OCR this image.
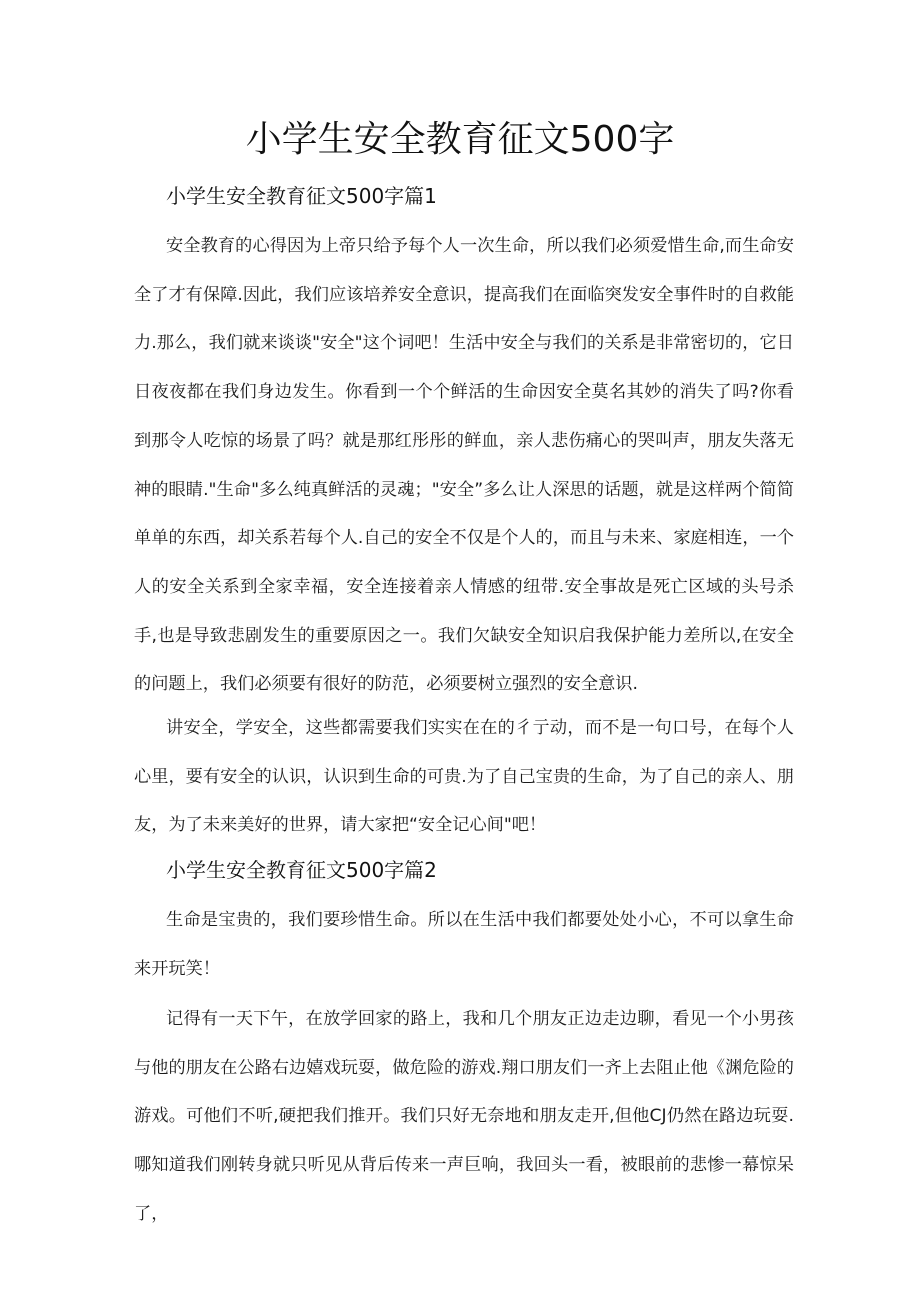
小学生安全教育征文500字
小学生安全教育征文500字篇1

安全教育的心得因为上帝只给予每个人一次生命，所以我们必须爱惜生命,而生命安全了才有保障.因此，我们应该培养安全意识，提高我们在面临突发安全事件时的自救能力.那么，我们就来谈谈"安全"这个词吧！生活中安全与我们的关系是非常密切的，它日日夜夜都在我们身边发生。你看到一个个鲜活的生命因安全莫名其妙的消失了吗?你看到那令人吃惊的场景了吗？就是那红彤彤的鲜血，亲人悲伤痛心的哭叫声，朋友失落无神的眼睛."生命"多么纯真鲜活的灵魂；"安全”多么让人深思的话题，就是这样两个简简单单的东西，却关系若每个人.自己的安全不仅是个人的，而且与未来、家庭相连，一个人的安全关系到全家幸福，安全连接着亲人情感的纽带.安全事故是死亡区域的头号杀手,也是导致悲剧发生的重要原因之一。我们欠缺安全知识启我保护能力差所以,在安全的问题上，我们必须要有很好的防范，必须要树立强烈的安全意识.

讲安全，学安全，这些都需要我们实实在在的彳亍动，而不是一句口号，在每个人心里，要有安全的认识，认识到生命的可贵.为了自己宝贵的生命，为了自己的亲人、朋友，为了未来美好的世界，请大家把“安全记心间"吧！

小学生安全教育征文500字篇2

生命是宝贵的，我们要珍惜生命。所以在生活中我们都要处处小心，不可以拿生命来开玩笑！

记得有一天下午，在放学回家的路上，我和几个朋友正边走边聊，看见一个小男孩与他的朋友在公路右边嬉戏玩耍，做危险的游戏.翔口朋友们一齐上去阻止他《渊危险的游戏。可他们不听,硬把我们推开。我们只好无奈地和朋友走开,但他CJ仍然在路边玩耍.哪知道我们刚转身就只听见从背后传来一声巨响，我回头一看，被眼前的悲惨一幕惊呆了，
